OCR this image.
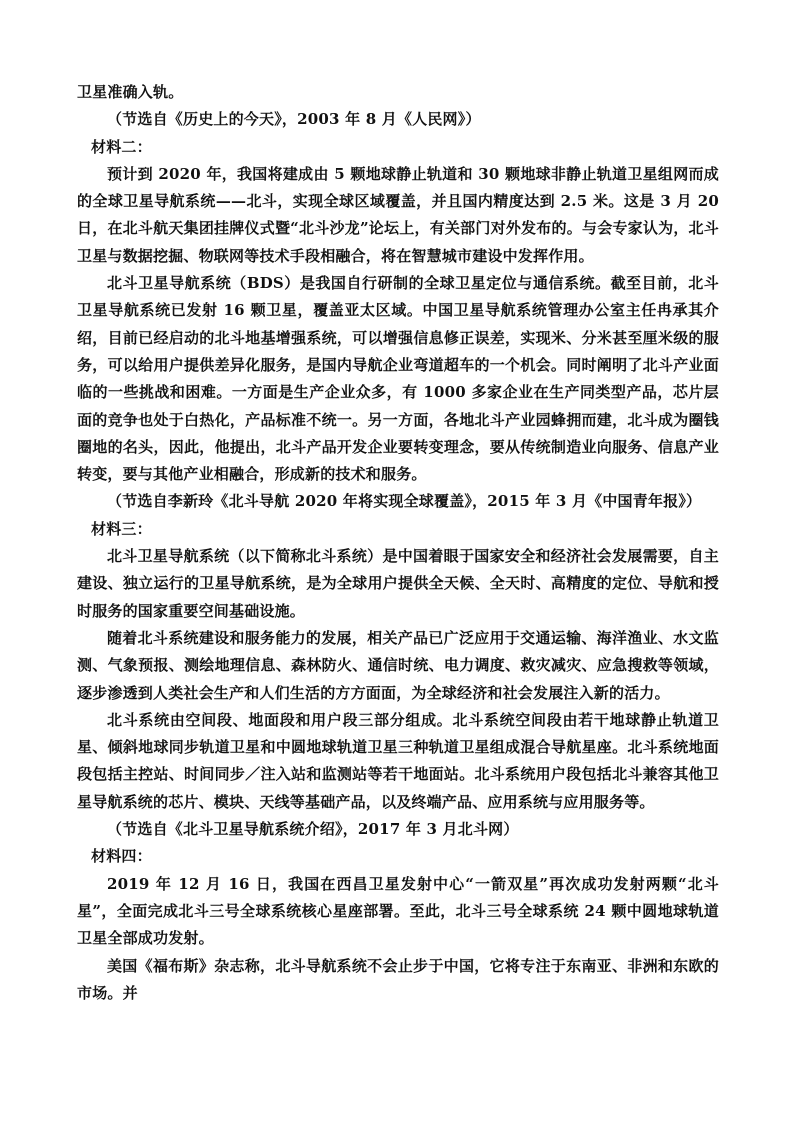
卫星准确入轨。

（节选自《历史上的今天》，2003 年 8 月《人民网》）

材料二：

预计到 2020 年，我国将建成由 5 颗地球静止轨道和 30 颗地球非静止轨道卫星组网而成的全球卫星导航系统——北斗，实现全球区域覆盖，并且国内精度达到 2.5 米。这是 3 月 20 日，在北斗航天集团挂牌仪式暨“北斗沙龙”论坛上，有关部门对外发布的。与会专家认为，北斗卫星与数据挖掘、物联网等技术手段相融合，将在智慧城市建设中发挥作用。

北斗卫星导航系统（BDS）是我国自行研制的全球卫星定位与通信系统。截至目前，北斗卫星导航系统已发射 16 颗卫星，覆盖亚太区域。中国卫星导航系统管理办公室主任冉承其介绍，目前已经启动的北斗地基增强系统，可以增强信息修正误差，实现米、分米甚至厘米级的服务，可以给用户提供差异化服务，是国内导航企业弯道超车的一个机会。同时阐明了北斗产业面临的一些挑战和困难。一方面是生产企业众多，有 1000 多家企业在生产同类型产品，芯片层面的竞争也处于白热化，产品标准不统一。另一方面，各地北斗产业园蜂拥而建，北斗成为圈钱圈地的名头，因此，他提出，北斗产品开发企业要转变理念，要从传统制造业向服务、信息产业转变，要与其他产业相融合，形成新的技术和服务。

（节选自李新玲《北斗导航 2020 年将实现全球覆盖》，2015 年 3 月《中国青年报》）

材料三：

北斗卫星导航系统（以下简称北斗系统）是中国着眼于国家安全和经济社会发展需要，自主建设、独立运行的卫星导航系统，是为全球用户提供全天候、全天时、高精度的定位、导航和授时服务的国家重要空间基础设施。

随着北斗系统建设和服务能力的发展，相关产品已广泛应用于交通运输、海洋渔业、水文监测、气象预报、测绘地理信息、森林防火、通信时统、电力调度、救灾减灾、应急搜救等领域，逐步渗透到人类社会生产和人们生活的方方面面，为全球经济和社会发展注入新的活力。

北斗系统由空间段、地面段和用户段三部分组成。北斗系统空间段由若干地球静止轨道卫星、倾斜地球同步轨道卫星和中圆地球轨道卫星三种轨道卫星组成混合导航星座。北斗系统地面段包括主控站、时间同步／注入站和监测站等若干地面站。北斗系统用户段包括北斗兼容其他卫星导航系统的芯片、模块、天线等基础产品，以及终端产品、应用系统与应用服务等。

（节选自《北斗卫星导航系统介绍》，2017 年 3 月北斗网）

材料四：

2019 年 12 月 16 日，我国在西昌卫星发射中心“一箭双星”再次成功发射两颗“北斗星”，全面完成北斗三号全球系统核心星座部署。至此，北斗三号全球系统 24 颗中圆地球轨道卫星全部成功发射。

美国《福布斯》杂志称，北斗导航系统不会止步于中国，它将专注于东南亚、非洲和东欧的市场。并
